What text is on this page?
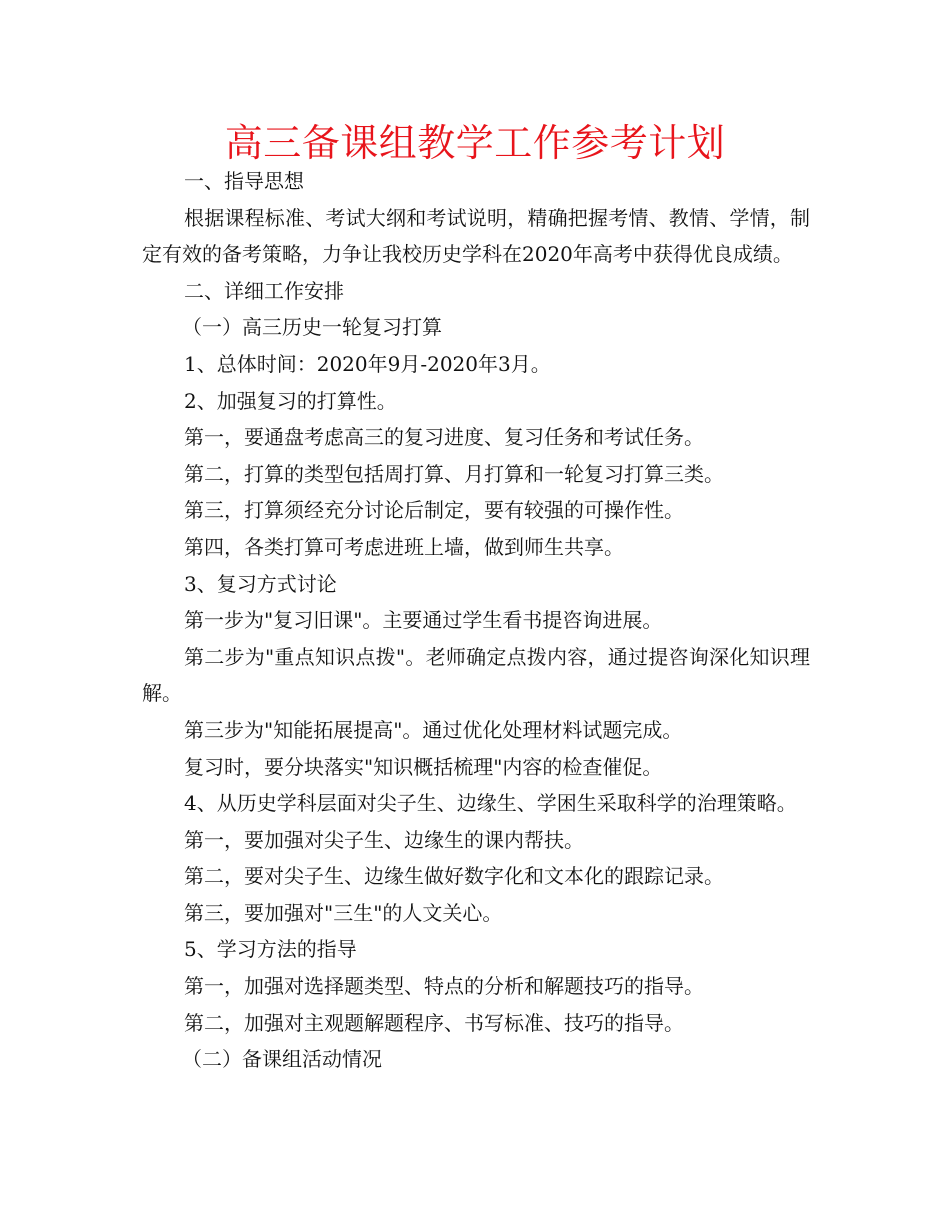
高三备课组教学工作参考计划

一、指导思想

根据课程标准、考试大纲和考试说明，精确把握考情、教情、学情，制定有效的备考策略，力争让我校历史学科在2020年高考中获得优良成绩。

二、详细工作安排

（一）高三历史一轮复习打算

1、总体时间：2020年9月-2020年3月。

2、加强复习的打算性。

第一，要通盘考虑高三的复习进度、复习任务和考试任务。

第二，打算的类型包括周打算、月打算和一轮复习打算三类。

第三，打算须经充分讨论后制定，要有较强的可操作性。

第四，各类打算可考虑进班上墙，做到师生共享。

3、复习方式讨论

第一步为"复习旧课"。主要通过学生看书提咨询进展。

第二步为"重点知识点拨"。老师确定点拨内容，通过提咨询深化知识理解。

第三步为"知能拓展提高"。通过优化处理材料试题完成。

复习时，要分块落实"知识概括梳理"内容的检查催促。

4、从历史学科层面对尖子生、边缘生、学困生采取科学的治理策略。

第一，要加强对尖子生、边缘生的课内帮扶。

第二，要对尖子生、边缘生做好数字化和文本化的跟踪记录。

第三，要加强对"三生"的人文关心。

5、学习方法的指导

第一，加强对选择题类型、特点的分析和解题技巧的指导。

第二，加强对主观题解题程序、书写标准、技巧的指导。

（二）备课组活动情况
